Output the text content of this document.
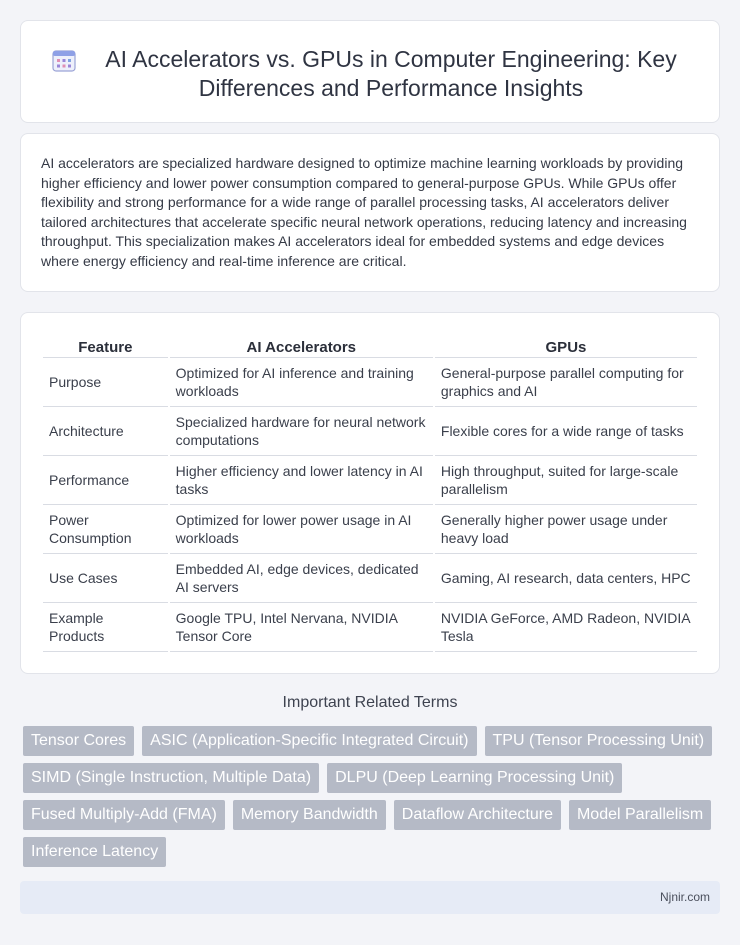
AI Accelerators vs. GPUs in Computer Engineering: Key Differences and Performance Insights

AI accelerators are specialized hardware designed to optimize machine learning workloads by providing higher efficiency and lower power consumption compared to general-purpose GPUs. While GPUs offer flexibility and strong performance for a wide range of parallel processing tasks, AI accelerators deliver tailored architectures that accelerate specific neural network operations, reducing latency and increasing throughput. This specialization makes AI accelerators ideal for embedded systems and edge devices where energy efficiency and real-time inference are critical.

Feature	AI Accelerators	GPUs
Purpose	Optimized for AI inference and training workloads	General-purpose parallel computing for graphics and AI
Architecture	Specialized hardware for neural network computations	Flexible cores for a wide range of tasks
Performance	Higher efficiency and lower latency in AI tasks	High throughput, suited for large-scale parallelism
Power Consumption	Optimized for lower power usage in AI workloads	Generally higher power usage under heavy load
Use Cases	Embedded AI, edge devices, dedicated AI servers	Gaming, AI research, data centers, HPC
Example Products	Google TPU, Intel Nervana, NVIDIA Tensor Core	NVIDIA GeForce, AMD Radeon, NVIDIA Tesla
Important Related Terms
Tensor Cores	ASIC (Application-Specific Integrated Circuit)	TPU (Tensor Processing Unit)
SIMD (Single Instruction, Multiple Data)	DLPU (Deep Learning Processing Unit)
Fused Multiply-Add (FMA)	Memory Bandwidth	Dataflow Architecture	Model Parallelism
Inference Latency
Njnir.com
